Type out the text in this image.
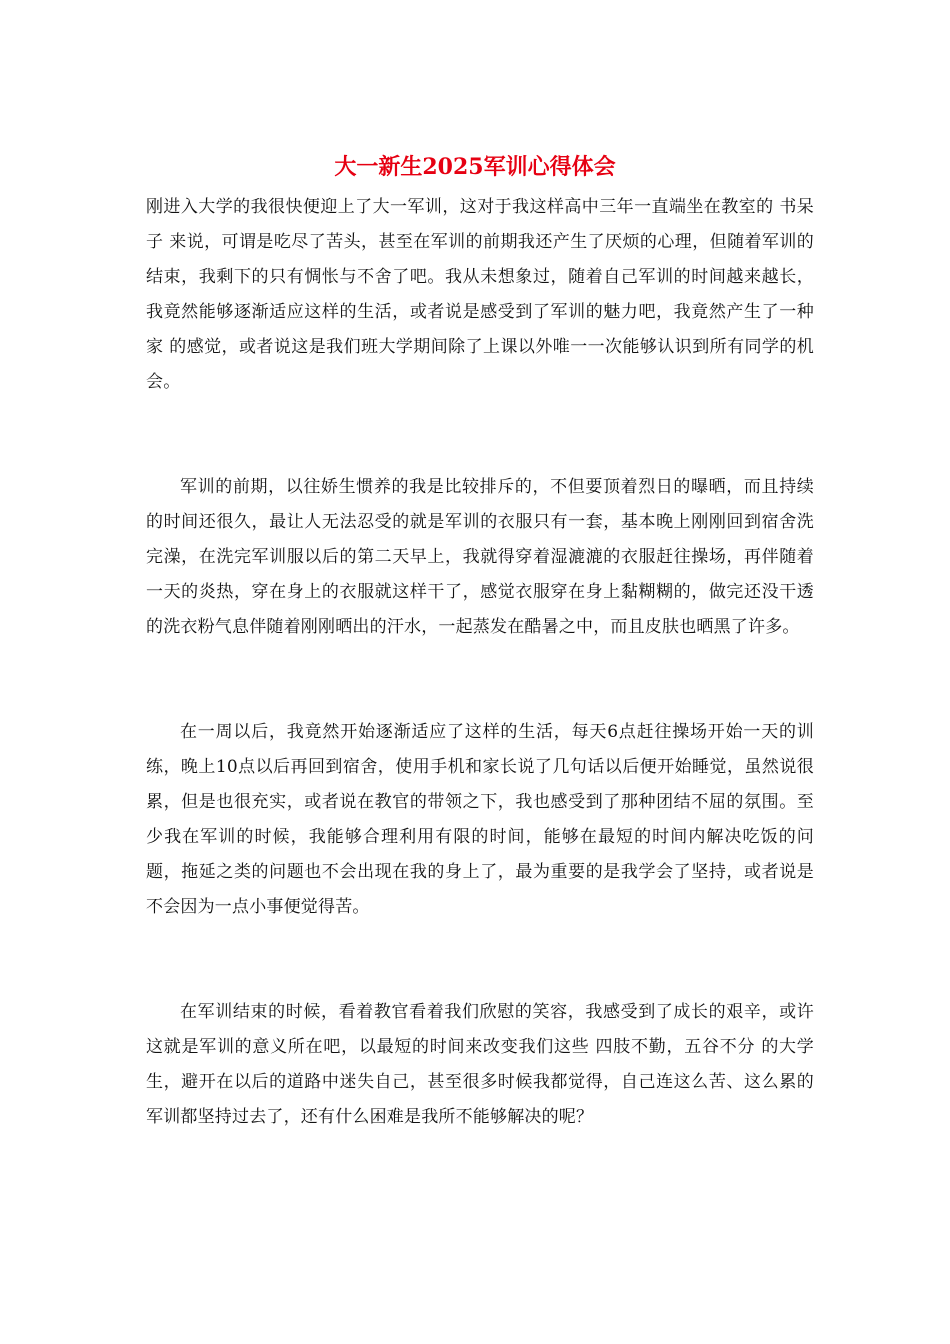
大一新生2025军训心得体会

刚进入大学的我很快便迎上了大一军训，这对于我这样高中三年一直端坐在教室的 书呆子 来说，可谓是吃尽了苦头，甚至在军训的前期我还产生了厌烦的心理，但随着军训的结束，我剩下的只有惆怅与不舍了吧。我从未想象过，随着自己军训的时间越来越长，我竟然能够逐渐适应这样的生活，或者说是感受到了军训的魅力吧，我竟然产生了一种 家 的感觉，或者说这是我们班大学期间除了上课以外唯一一次能够认识到所有同学的机会。

军训的前期，以往娇生惯养的我是比较排斥的，不但要顶着烈日的曝晒，而且持续的时间还很久，最让人无法忍受的就是军训的衣服只有一套，基本晚上刚刚回到宿舍洗完澡，在洗完军训服以后的第二天早上，我就得穿着湿漉漉的衣服赶往操场，再伴随着一天的炎热，穿在身上的衣服就这样干了，感觉衣服穿在身上黏糊糊的，做完还没干透的洗衣粉气息伴随着刚刚晒出的汗水，一起蒸发在酷暑之中，而且皮肤也晒黑了许多。

在一周以后，我竟然开始逐渐适应了这样的生活，每天6点赶往操场开始一天的训练，晚上10点以后再回到宿舍，使用手机和家长说了几句话以后便开始睡觉，虽然说很累，但是也很充实，或者说在教官的带领之下，我也感受到了那种团结不屈的氛围。至少我在军训的时候，我能够合理利用有限的时间，能够在最短的时间内解决吃饭的问题，拖延之类的问题也不会出现在我的身上了，最为重要的是我学会了坚持，或者说是不会因为一点小事便觉得苦。

在军训结束的时候，看着教官看着我们欣慰的笑容，我感受到了成长的艰辛，或许这就是军训的意义所在吧，以最短的时间来改变我们这些 四肢不勤，五谷不分 的大学生，避开在以后的道路中迷失自己，甚至很多时候我都觉得，自己连这么苦、这么累的军训都坚持过去了，还有什么困难是我所不能够解决的呢？
